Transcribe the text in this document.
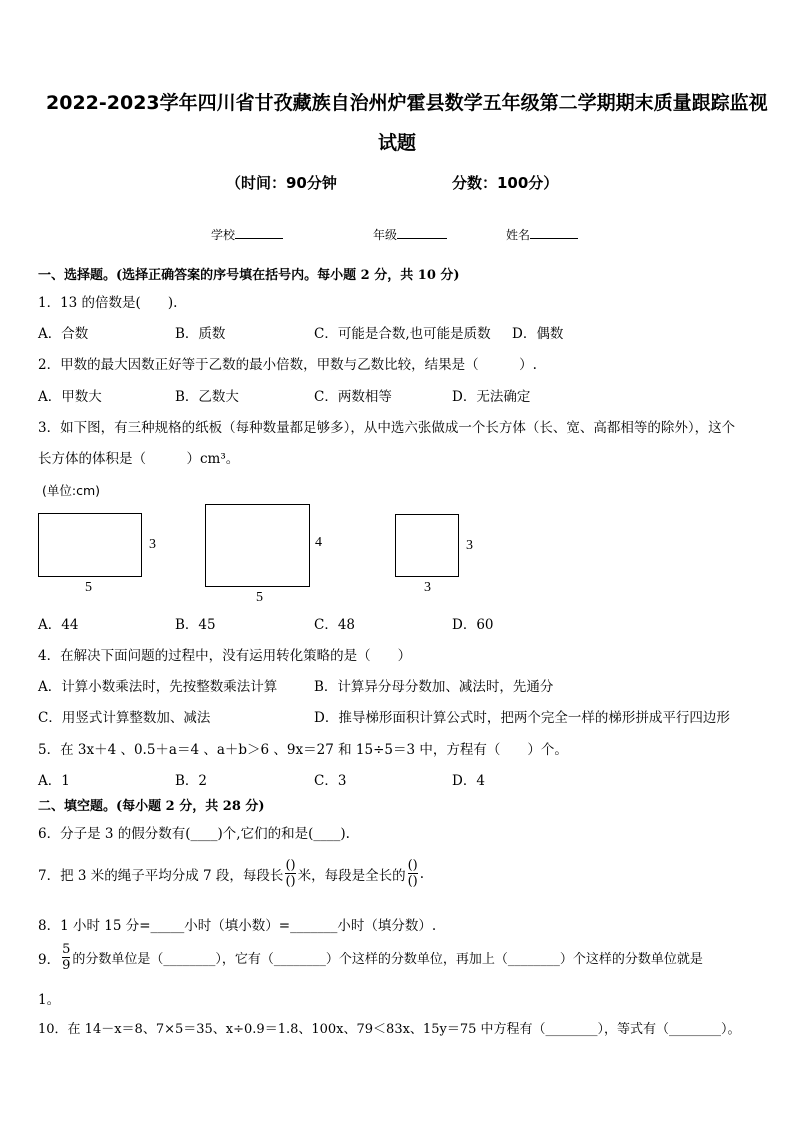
2022-2023学年四川省甘孜藏族自治州炉霍县数学五年级第二学期期末质量跟踪监视
试题
（时间：90分钟	分数：100分）
学校	年级	姓名
一、选择题。(选择正确答案的序号填在括号内。每小题 2 分，共 10 分)
1．13 的倍数是(　　).
A．合数	B．质数	C．可能是合数,也可能是质数 D．偶数
2．甲数的最大因数正好等于乙数的最小倍数，甲数与乙数比较，结果是（　　　）.
A．甲数大	B．乙数大	C．两数相等	D．无法确定
3．如下图，有三种规格的纸板（每种数量都足够多），从中选六张做成一个长方体（长、宽、高都相等的除外），这个
长方体的体积是（　　　）cm³。
(单位:cm)
3
5
4
5
3
3
A．44	B．45	C．48	D．60
4．在解决下面问题的过程中，没有运用转化策略的是（　　）
A．计算小数乘法时，先按整数乘法计算	B．计算异分母分数加、减法时，先通分
C．用竖式计算整数加、减法	D．推导梯形面积计算公式时，把两个完全一样的梯形拼成平行四边形
5．在 3x＋4 、0.5＋a＝4 、a＋b＞6 、9x＝27 和 15÷5＝3 中，方程有（　　）个。
A．1	B．2	C．3	D．4
二、填空题。(每小题 2 分，共 28 分)
6．分子是 3 的假分数有(____)个,它们的和是(____).
7．把 3 米的绳子平均分成 7 段，每段长 $\frac{()}{()}$ 米，每段是全长的 $\frac{()}{()}$ .
8．1 小时 15 分=_____小时（填小数）=_______小时（填分数）.
9． $\frac{5}{9}$ 的分数单位是（________），它有（________）个这样的分数单位，再加上（________）个这样的分数单位就是
1。
10．在 14－x＝8、7×5＝35、x÷0.9＝1.8、100x、79＜83x、15y＝75 中方程有（________），等式有（________）。
